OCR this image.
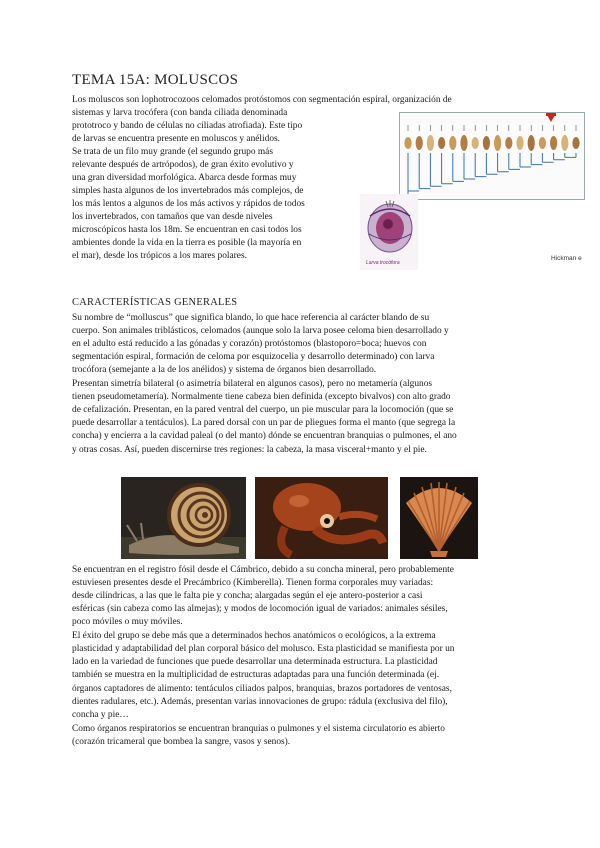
TEMA 15A: MOLUSCOS
Los moluscos son lophotrocozoos celomados protóstomos con segmentación espiral, organización de
sistemas y larva trocófera (con banda ciliada denominada
prototroco y bando de células no ciliadas atrofiada). Este tipo
de larvas se encuentra presente en moluscos y anélidos.
Se trata de un filo muy grande (el segundo grupo más
relevante después de artrópodos), de gran éxito evolutivo y
una gran diversidad morfológica. Abarca desde formas muy
simples hasta algunos de los invertebrados más complejos, de
los más lentos a algunos de los más activos y rápidos de todos
los invertebrados, con tamaños que van desde niveles
microscópicos hasta los 18m. Se encuentran en casi todos los
ambientes donde la vida en la tierra es posible (la mayoría en
el mar), desde los trópicos a los mares polares.	Hickman e
Larva trocófora
CARACTERÍSTICAS GENERALES
Su nombre de “molluscus” que significa blando, lo que hace referencia al carácter blando de su
cuerpo. Son animales triblásticos, celomados (aunque solo la larva posee celoma bien desarrollado y
en el adulto está reducido a las gónadas y corazón) protóstomos (blastoporo=boca; huevos con
segmentación espiral, formación de celoma por esquizocelia y desarrollo determinado) con larva
trocófora (semejante a la de los anélidos) y sistema de órganos bien desarrollado.
Presentan simetría bilateral (o asimetría bilateral en algunos casos), pero no metamería (algunos
tienen pseudometamería). Normalmente tiene cabeza bien definida (excepto bivalvos) con alto grado
de cefalización. Presentan, en la pared ventral del cuerpo, un pie muscular para la locomoción (que se
puede desarrollar a tentáculos). La pared dorsal con un par de pliegues forma el manto (que segrega la
concha) y encierra a la cavidad paleal (o del manto) dónde se encuentran branquias o pulmones, el ano
y otras cosas. Así, pueden discernirse tres regiones: la cabeza, la masa visceral+manto y el pie.
Se encuentran en el registro fósil desde el Cámbrico, debido a su concha mineral, pero probablemente
estuviesen presentes desde el Precámbrico (Kimberella). Tienen forma corporales muy variadas:
desde cilíndricas, a las que le falta pie y concha; alargadas según el eje antero-posterior a casi
esféricas (sin cabeza como las almejas); y modos de locomoción igual de variados: animales sésiles,
poco móviles o muy móviles.
El éxito del grupo se debe más que a determinados hechos anatómicos o ecológicos, a la extrema
plasticidad y adaptabilidad del plan corporal básico del molusco. Esta plasticidad se manifiesta por un
lado en la variedad de funciones que puede desarrollar una determinada estructura. La plasticidad
también se muestra en la multiplicidad de estructuras adaptadas para una función determinada (ej.
órganos captadores de alimento: tentáculos ciliados palpos, branquias, brazos portadores de ventosas,
dientes radulares, etc.). Además, presentan varias innovaciones de grupo: rádula (exclusiva del filo),
concha y pie…
Como órganos respiratorios se encuentran branquias o pulmones y el sistema circulatorio es abierto
(corazón tricameral que bombea la sangre, vasos y senos).
